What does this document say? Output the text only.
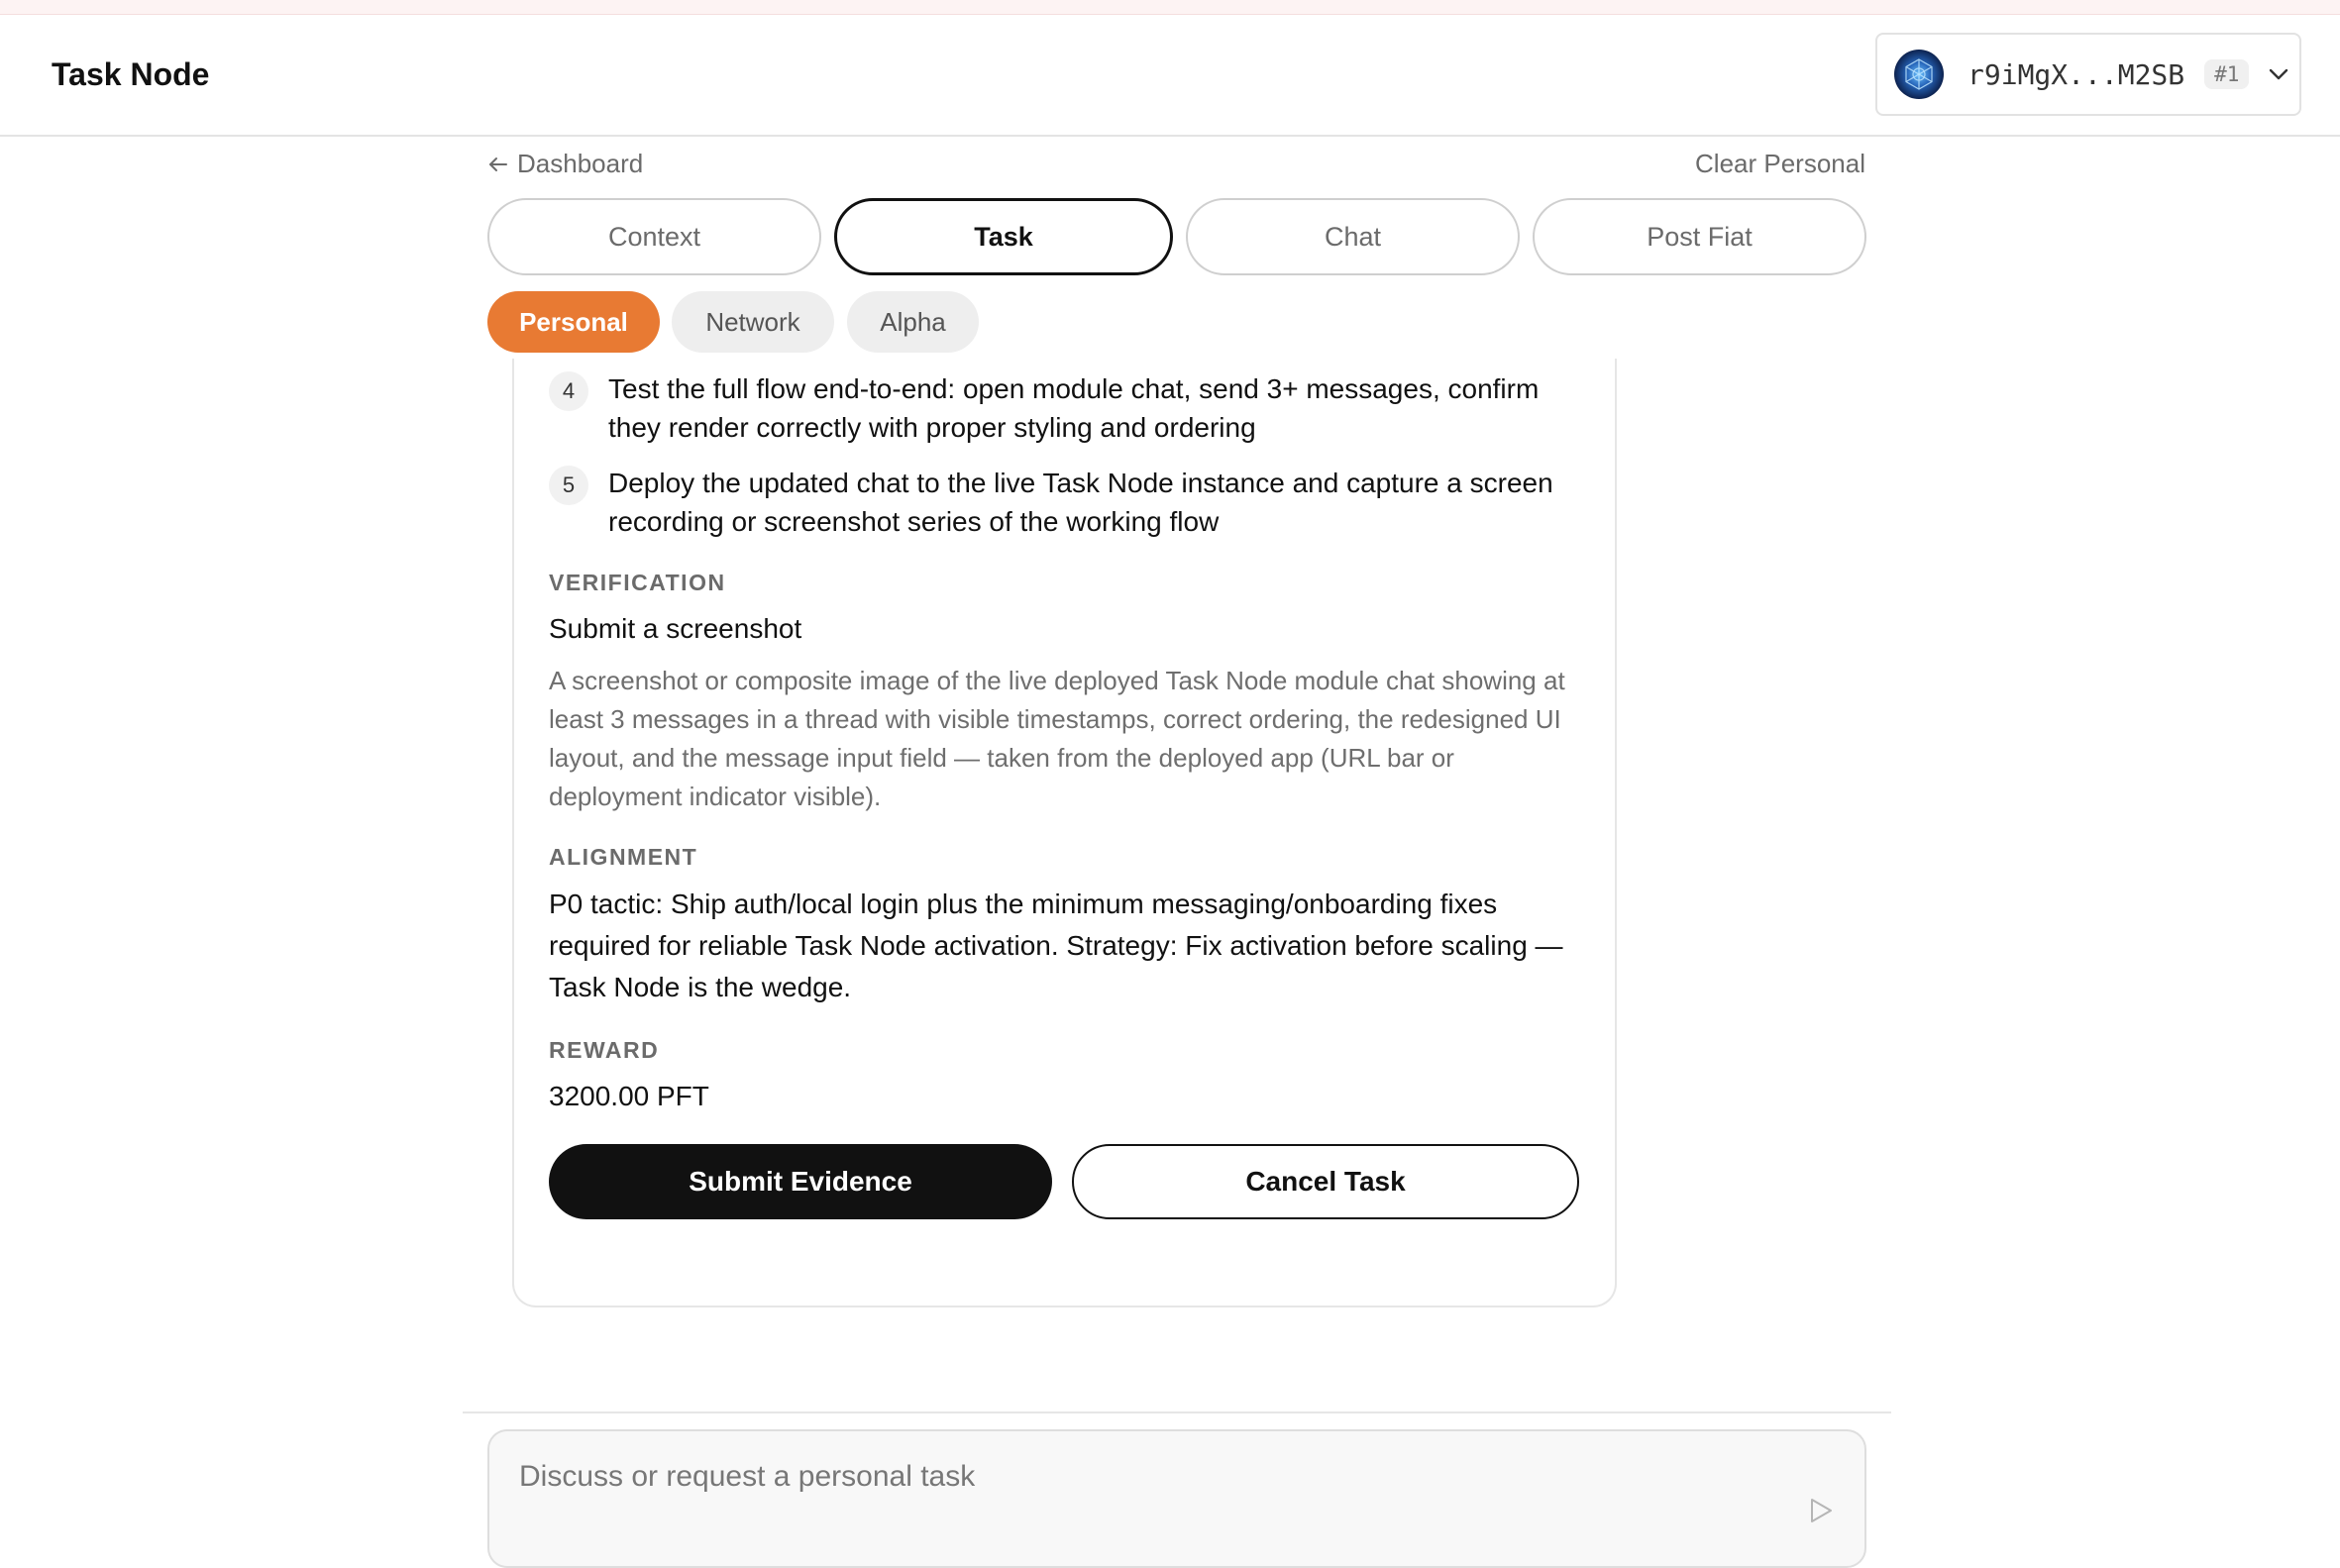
Task Node	r9iMgX...M2SB	#1
Dashboard	Clear Personal
Context	Task	Chat	Post Fiat
Personal	Network	Alpha
4	Test the full flow end-to-end: open module chat, send 3+ messages, confirm they render correctly with proper styling and ordering
5	Deploy the updated chat to the live Task Node instance and capture a screen recording or screenshot series of the working flow
VERIFICATION
Submit a screenshot
A screenshot or composite image of the live deployed Task Node module chat showing at least 3 messages in a thread with visible timestamps, correct ordering, the redesigned UI layout, and the message input field — taken from the deployed app (URL bar or deployment indicator visible).
ALIGNMENT
P0 tactic: Ship auth/local login plus the minimum messaging/onboarding fixes required for reliable Task Node activation. Strategy: Fix activation before scaling — Task Node is the wedge.
REWARD
3200.00 PFT
Submit Evidence	Cancel Task
Discuss or request a personal task
